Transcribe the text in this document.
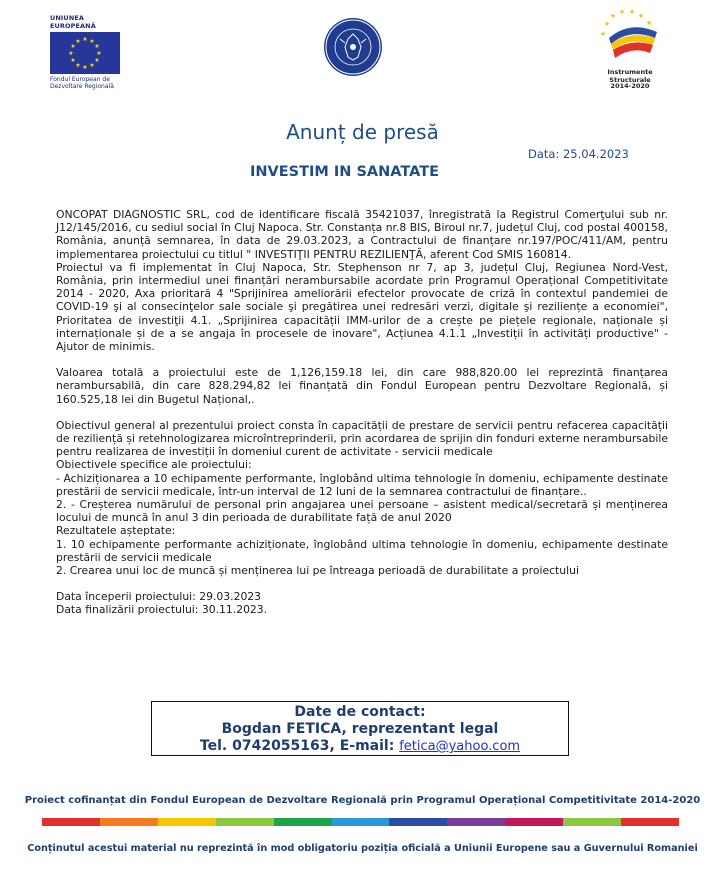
UNIUNEA EUROPEANĂ
★ ★
★
★
★
★
★
★
★
★
★
★
Fondul European de
Dezvoltare Regională
★
★ ★ ★ ★
★
★
Instrumente Structurale
2014-2020
Anunț de presă
Data: 25.04.2023
INVESTIM IN SANATATE

ONCOPAT DIAGNOSTIC SRL, cod de identificare fiscală 35421037, înregistrată la Registrul Comerţului sub nr. J12/145/2016, cu sediul social în Cluj Napoca. Str. Constanța nr.8 BIS, Biroul nr.7, județul Cluj, cod postal 400158, România, anunță semnarea, în data de 29.03.2023, a Contractului de finanțare nr.197/POC/411/AM, pentru implementarea proiectului cu titlul " INVESTIŢII PENTRU REZILIENŢĂ, aferent Cod SMIS 160814.

Proiectul va fi implementat în Cluj Napoca, Str. Stephenson nr 7, ap 3, județul Cluj, Regiunea Nord-Vest, România, prin intermediul unei finanțări nerambursabile acordate prin Programul Operațional Competitivitate 2014 - 2020, Axa prioritară 4 "Sprijinirea ameliorării efectelor provocate de criză în contextul pandemiei de COVID-19 şi al consecinţelor sale sociale şi pregătirea unei redresări verzi, digitale şi reziliențe a economiei", Prioritatea de investiţii 4.1. „Sprijinirea capacității IMM-urilor de a crește pe piețele regionale, naționale și internaționale și de a se angaja în procesele de inovare", Acțiunea 4.1.1 „Investiții în activități productive" - Ajutor de minimis.

Valoarea totală a proiectului este de 1,126,159.18 lei, din care 988,820.00 lei reprezintă finanțarea nerambursabilă, din care 828.294,82 lei finanțată din Fondul European pentru Dezvoltare Regională, și 160.525,18 lei din Bugetul Național,.

Obiectivul general al prezentului proiect consta în capacității de prestare de servicii pentru refacerea capacității de reziliență și retehnologizarea microîntreprinderii, prin acordarea de sprijin din fonduri externe nerambursabile pentru realizarea de investiții în domeniul curent de activitate - servicii medicale

Obiectivele specifice ale proiectului:

- Achiziționarea a 10 echipamente performante, înglobând ultima tehnologie în domeniu, echipamente destinate prestării de servicii medicale, într-un interval de 12 luni de la semnarea contractului de finanțare..

2. - Creșterea numărului de personal prin angajarea unei persoane – asistent medical/secretară și menținerea locului de muncă în anul 3 din perioada de durabilitate față de anul 2020

Rezultatele așteptate:

1. 10 echipamente performante achiziționate, înglobând ultima tehnologie în domeniu, echipamente destinate prestării de servicii medicale

2. Crearea unui loc de muncă și menținerea lui pe întreaga perioadă de durabilitate a proiectului

Data începerii proiectului: 29.03.2023

Data finalizării proiectului: 30.11.2023.

Date de contact:
Bogdan FETICA, reprezentant legal
Tel. 0742055163, E-mail: fetica@yahoo.com
Proiect cofinanțat din Fondul European de Dezvoltare Regională prin Programul Operațional Competitivitate 2014-2020
Conținutul acestui material nu reprezintă în mod obligatoriu poziția oficială a Uniunii Europene sau a Guvernului Romaniei
